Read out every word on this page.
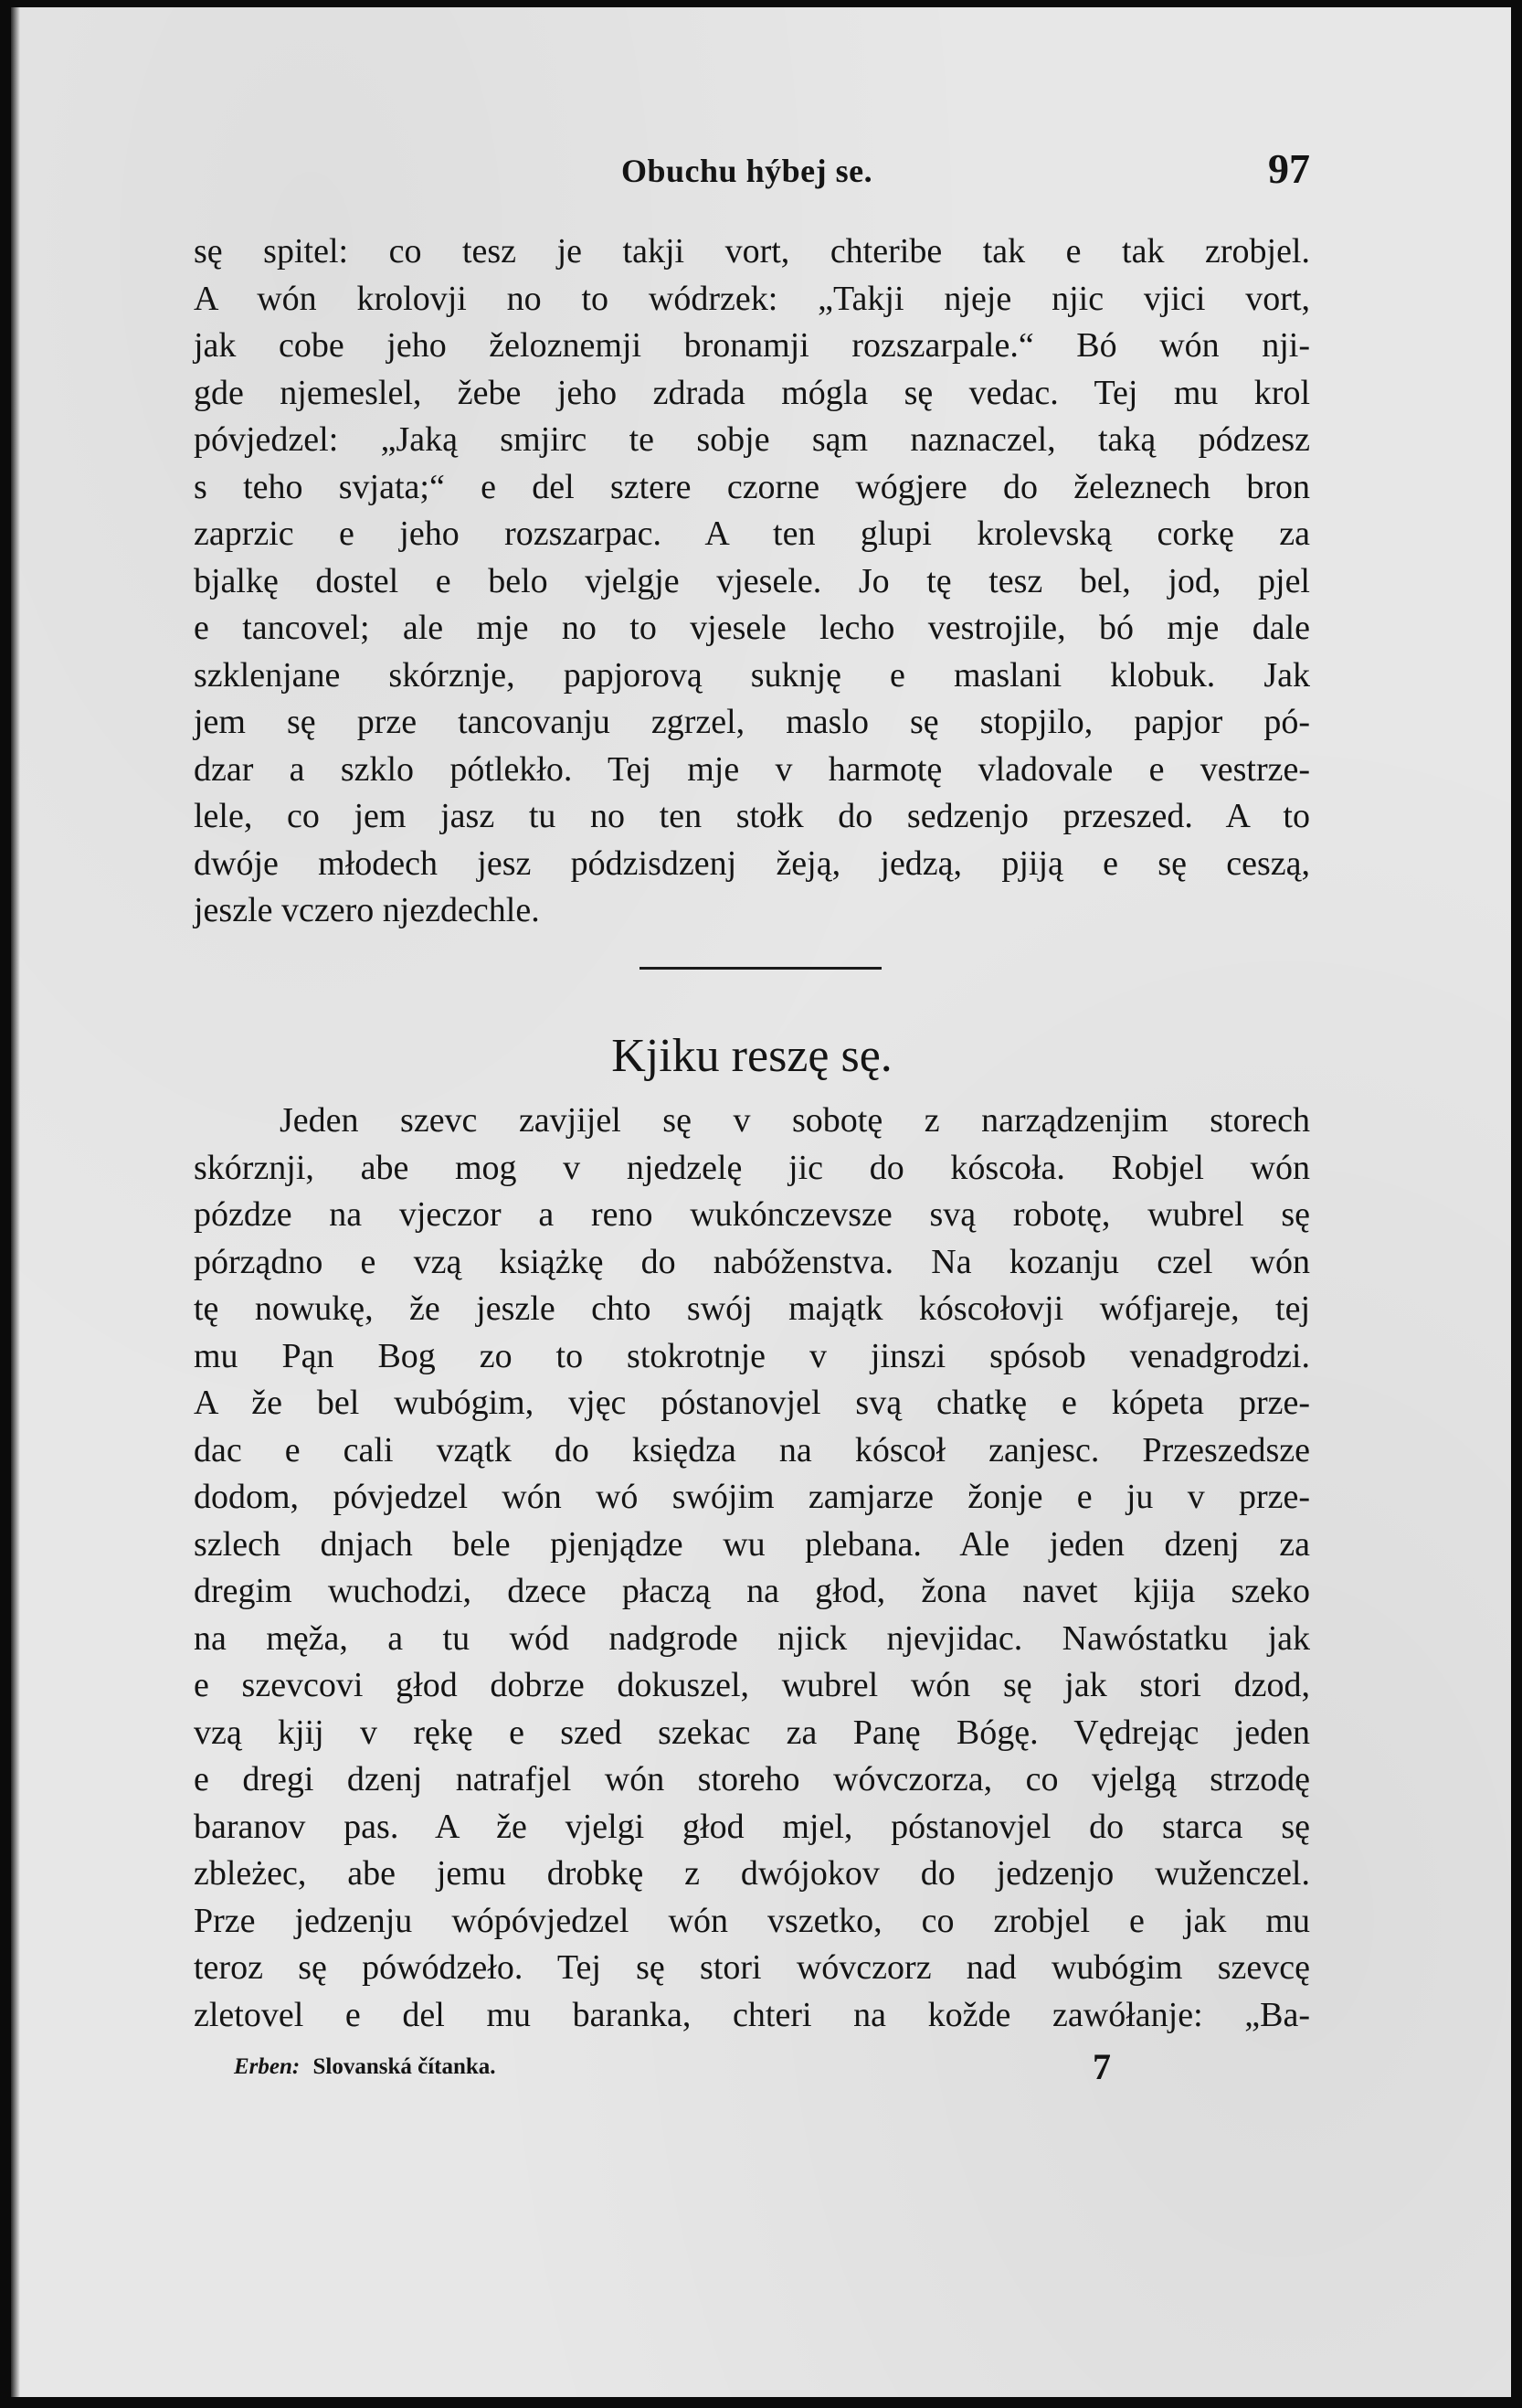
Obuchu hýbej se.	97
sę spitel: co tesz je takji vort, chteribe tak e tak zrobjel.
A wón krolovji no to wódrzek: „Takji njeje njic vjici vort,
jak cobe jeho želoznemji bronamji rozszarpale.“ Bó wón nji-
gde njemeslel, žebe jeho zdrada mógla sę vedac. Tej mu krol
póvjedzel: „Jaką smjirc te sobje sąm naznaczel, taką pódzesz
s teho svjata;“ e del sztere czorne wógjere do železnech bron
zaprzic e jeho rozszarpac. A ten glupi krolevską corkę za
bjalkę dostel e belo vjelgje vjesele. Jo tę tesz bel, jod, pjel
e tancovel; ale mje no to vjesele lecho vestrojile, bó mje dale
szklenjane skórznje, papjorovą suknję e maslani klobuk. Jak
jem sę prze tancovanju zgrzel, maslo sę stopjilo, papjor pó-
dzar a szklo pótlekło. Tej mje v harmotę vladovale e vestrze-
lele, co jem jasz tu no ten stołk do sedzenjo przeszed. A to
dwóje młodech jesz pódzisdzenj žeją, jedzą, pjiją e sę ceszą,
jeszle vczero njezdechle.
Kjiku reszę sę.
Jeden szevc zavjijel sę v sobotę z narządzenjim storech
skórznji, abe mog v njedzelę jic do kóscoła. Robjel wón
pózdze na vjeczor a reno wukónczevsze svą robotę, wubrel sę
pórządno e vzą książkę do nabóženstva. Na kozanju czel wón
tę nowukę, že jeszle chto swój majątk kóscołovji wófjareje, tej
mu Pąn Bog zo to stokrotnje v jinszi spósob venadgrodzi.
A že bel wubógim, vjęc póstanovjel svą chatkę e kópeta prze-
dac e cali vzątk do księdza na kóscoł zanjesc. Przeszedsze
dodom, póvjedzel wón wó swójim zamjarze žonje e ju v prze-
szlech dnjach bele pjenjądze wu plebana. Ale jeden dzenj za
dregim wuchodzi, dzece płaczą na głod, žona navet kjija szeko
na męža, a tu wód nadgrode njick njevjidac. Nawóstatku jak
e szevcovi głod dobrze dokuszel, wubrel wón sę jak stori dzod,
vzą kjij v rękę e szed szekac za Panę Bógę. Vędrejąc jeden
e dregi dzenj natrafjel wón storeho wóvczorza, co vjelgą strzodę
baranov pas. A že vjelgi głod mjel, póstanovjel do starca sę
zbleżec, abe jemu drobkę z dwójokov do jedzenjo wuženczel.
Prze jedzenju wópóvjedzel wón vszetko, co zrobjel e jak mu
teroz sę pówódzeło. Tej sę stori wóvczorz nad wubógim szevcę
zletovel e del mu baranka, chteri na kožde zawółanje: „Ba-
Erben: Slovanská čítanka.	7
